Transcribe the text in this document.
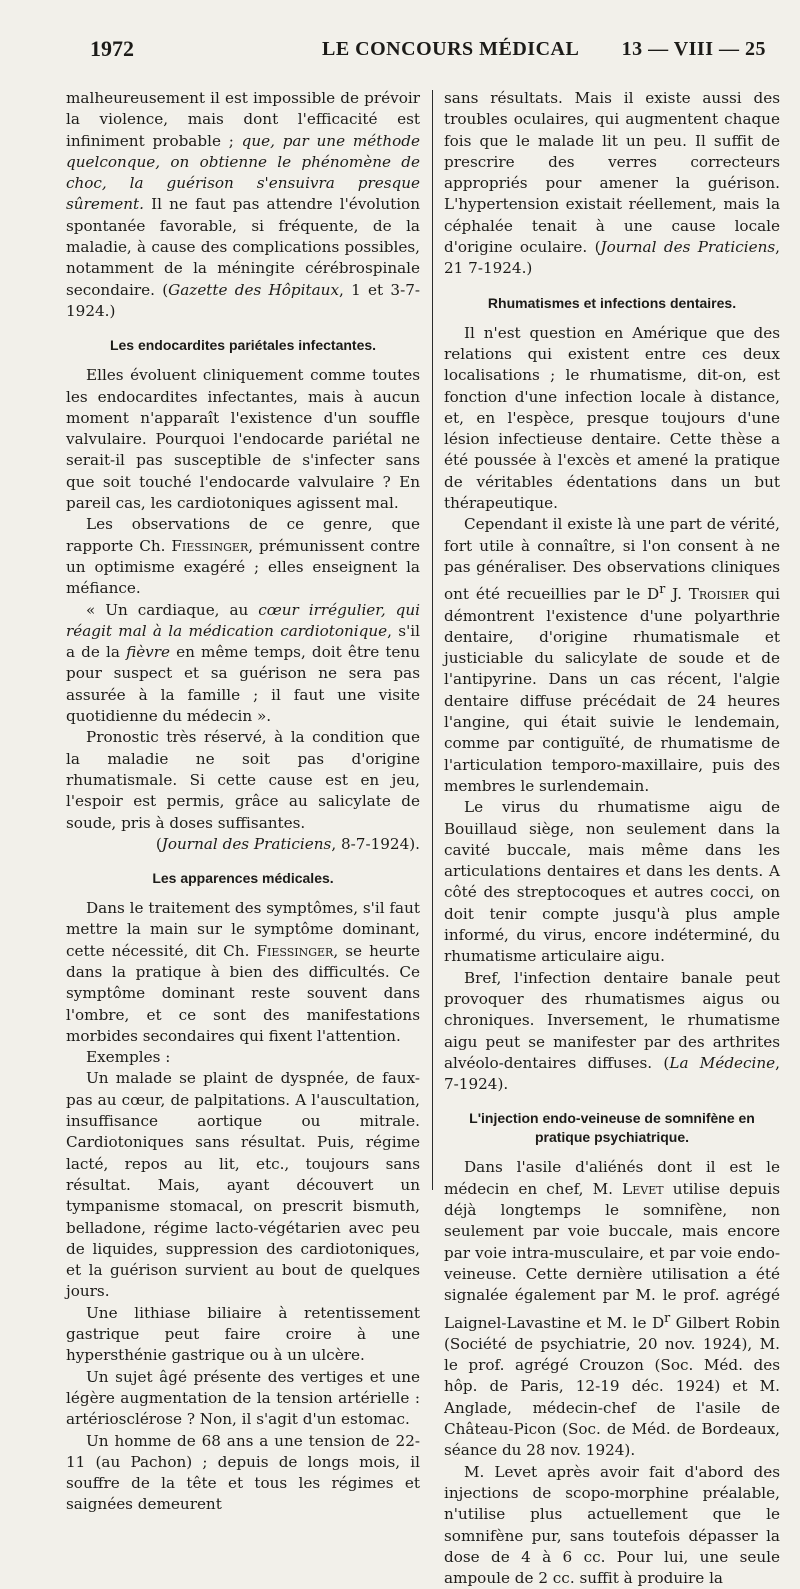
1972	LE CONCOURS MÉDICAL 13 — VIII — 25

malheureusement il est impossible de prévoir la violence, mais dont l'efficacité est infiniment probable ; que, par une méthode quelconque, on obtienne le phénomène de choc, la guérison s'ensuivra presque sûrement. Il ne faut pas attendre l'évolution spontanée favorable, si fréquente, de la maladie, à cause des complications possibles, notamment de la méningite cérébrospinale secondaire. (Gazette des Hôpitaux, 1 et 3-7-1924.)

Les endocardites pariétales infectantes.

Elles évoluent cliniquement comme toutes les endocardites infectantes, mais à aucun moment n'apparaît l'existence d'un souffle valvulaire. Pourquoi l'endocarde pariétal ne serait-il pas susceptible de s'infecter sans que soit touché l'endocarde valvulaire ? En pareil cas, les cardiotoniques agissent mal.

Les observations de ce genre, que rapporte Ch. Fiessinger, prémunissent contre un optimisme exagéré ; elles enseignent la méfiance.

« Un cardiaque, au cœur irrégulier, qui réagit mal à la médication cardiotonique, s'il a de la fièvre en même temps, doit être tenu pour suspect et sa guérison ne sera pas assurée à la famille ; il faut une visite quotidienne du médecin ».

Pronostic très réservé, à la condition que la maladie ne soit pas d'origine rhumatismale. Si cette cause est en jeu, l'espoir est permis, grâce au salicylate de soude, pris à doses suffisantes.

(Journal des Praticiens, 8-7-1924).

Les apparences médicales.

Dans le traitement des symptômes, s'il faut mettre la main sur le symptôme dominant, cette nécessité, dit Ch. Fiessinger, se heurte dans la pratique à bien des difficultés. Ce symptôme dominant reste souvent dans l'ombre, et ce sont des manifestations morbides secondaires qui fixent l'attention.

Exemples :

Un malade se plaint de dyspnée, de faux-pas au cœur, de palpitations. A l'auscultation, insuffisance aortique ou mitrale. Cardiotoniques sans résultat. Puis, régime lacté, repos au lit, etc., toujours sans résultat. Mais, ayant découvert un tympanisme stomacal, on prescrit bismuth, belladone, régime lacto-végétarien avec peu de liquides, suppression des cardiotoniques, et la guérison survient au bout de quelques jours.

Une lithiase biliaire à retentissement gastrique peut faire croire à une hypersthénie gastrique ou à un ulcère.

Un sujet âgé présente des vertiges et une légère augmentation de la tension artérielle : artériosclérose ? Non, il s'agit d'un estomac.

Un homme de 68 ans a une tension de 22-11 (au Pachon) ; depuis de longs mois, il souffre de la tête et tous les régimes et saignées demeurent

sans résultats. Mais il existe aussi des troubles oculaires, qui augmentent chaque fois que le malade lit un peu. Il suffit de prescrire des verres correcteurs appropriés pour amener la guérison. L'hypertension existait réellement, mais la céphalée tenait à une cause locale d'origine oculaire. (Journal des Praticiens, 21 7-1924.)

Rhumatismes et infections dentaires.

Il n'est question en Amérique que des relations qui existent entre ces deux localisations ; le rhumatisme, dit-on, est fonction d'une infection locale à distance, et, en l'espèce, presque toujours d'une lésion infectieuse dentaire. Cette thèse a été poussée à l'excès et amené la pratique de véritables édentations dans un but thérapeutique.

Cependant il existe là une part de vérité, fort utile à connaître, si l'on consent à ne pas généraliser. Des observations cliniques ont été recueillies par le $D^r$ J. Troisier qui démontrent l'existence d'une polyarthrie dentaire, d'origine rhumatismale et justiciable du salicylate de soude et de l'antipyrine. Dans un cas récent, l'algie dentaire diffuse précédait de 24 heures l'angine, qui était suivie le lendemain, comme par contiguïté, de rhumatisme de l'articulation temporo-maxillaire, puis des membres le surlendemain.

Le virus du rhumatisme aigu de Bouillaud siège, non seulement dans la cavité buccale, mais même dans les articulations dentaires et dans les dents. A côté des streptocoques et autres cocci, on doit tenir compte jusqu'à plus ample informé, du virus, encore indéterminé, du rhumatisme articulaire aigu.

Bref, l'infection dentaire banale peut provoquer des rhumatismes aigus ou chroniques. Inversement, le rhumatisme aigu peut se manifester par des arthrites alvéolo-dentaires diffuses. (La Médecine, 7-1924).

L'injection endo-veineuse de somnifène en pratique psychiatrique.

Dans l'asile d'aliénés dont il est le médecin en chef, M. Levet utilise depuis déjà longtemps le somnifène, non seulement par voie buccale, mais encore par voie intra-musculaire, et par voie endo-veineuse. Cette dernière utilisation a été signalée également par M. le prof. agrégé Laignel-Lavastine et M. le $D^r$ Gilbert Robin (Société de psychiatrie, 20 nov. 1924), M. le prof. agrégé Crouzon (Soc. Méd. des hôp. de Paris, 12-19 déc. 1924) et M. Anglade, médecin-chef de l'asile de Château-Picon (Soc. de Méd. de Bordeaux, séance du 28 nov. 1924).

M. Levet après avoir fait d'abord des injections de scopo-morphine préalable, n'utilise plus actuellement que le somnifène pur, sans toutefois dépasser la dose de 4 à 6 cc. Pour lui, une seule ampoule de 2 cc. suffit à produire la
